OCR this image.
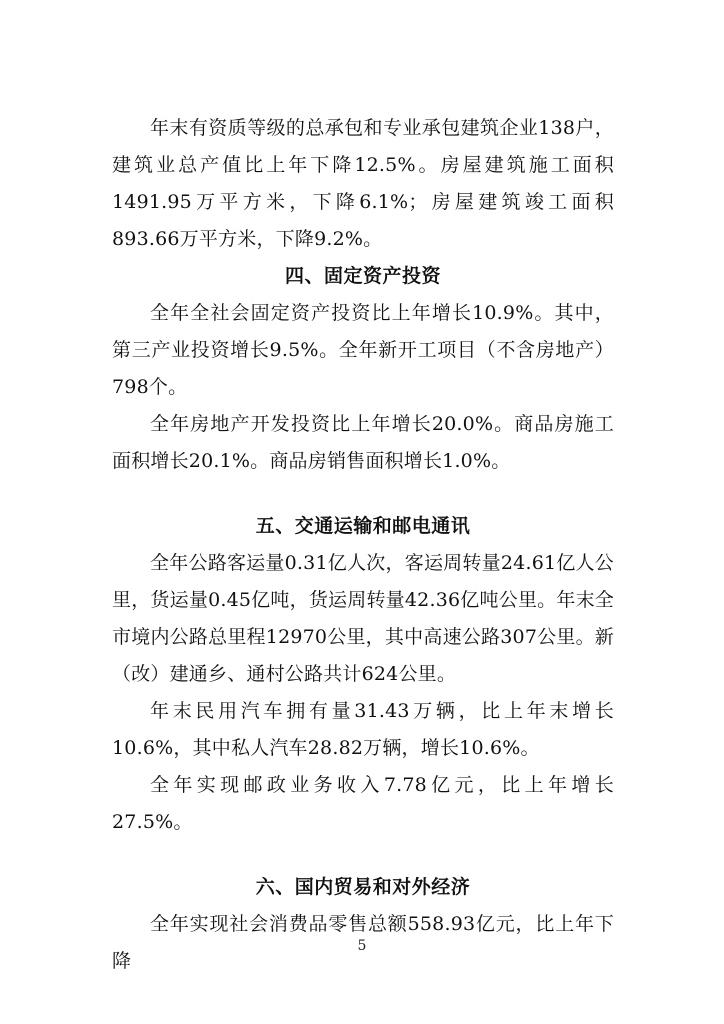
年末有资质等级的总承包和专业承包建筑企业138户，建筑业总产值比上年下降12.5%。房屋建筑施工面积1491.95万平方米，下降6.1%；房屋建筑竣工面积893.66万平方米，下降9.2%。

四、固定资产投资

全年全社会固定资产投资比上年增长10.9%。其中，第三产业投资增长9.5%。全年新开工项目（不含房地产）798个。

全年房地产开发投资比上年增长20.0%。商品房施工面积增长20.1%。商品房销售面积增长1.0%。

五、交通运输和邮电通讯

全年公路客运量0.31亿人次，客运周转量24.61亿人公里，货运量0.45亿吨，货运周转量42.36亿吨公里。年末全市境内公路总里程12970公里，其中高速公路307公里。新（改）建通乡、通村公路共计624公里。

年末民用汽车拥有量31.43万辆，比上年末增长10.6%，其中私人汽车28.82万辆，增长10.6%。

全年实现邮政业务收入7.78亿元，比上年增长27.5%。

六、国内贸易和对外经济

全年实现社会消费品零售总额558.93亿元，比上年下降

5
